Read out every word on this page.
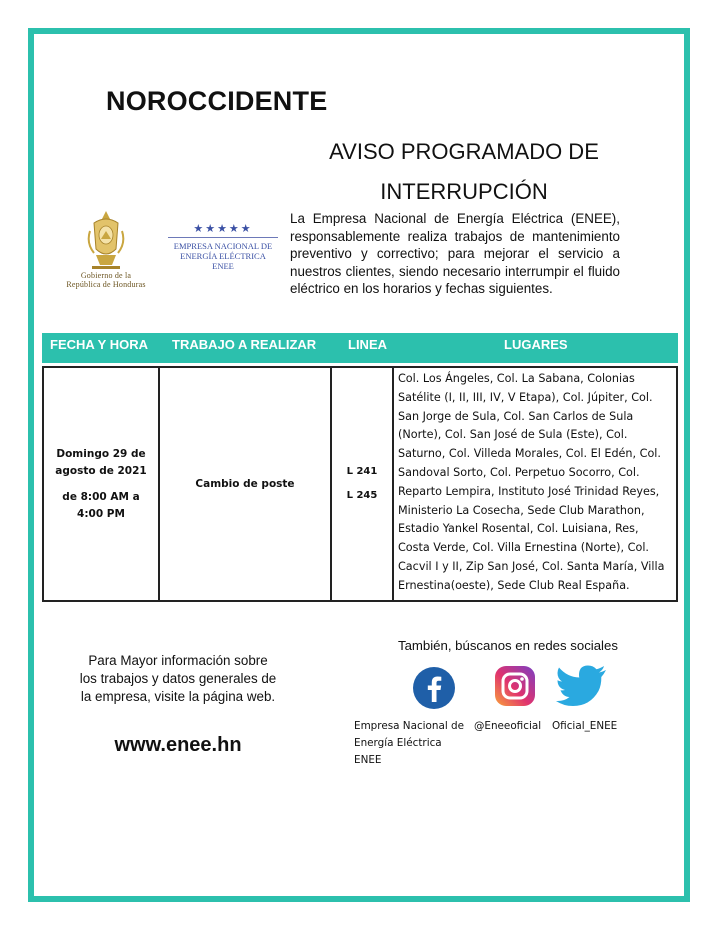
NOROCCIDENTE
AVISO PROGRAMADO DE
INTERRUPCIÓN
Gobierno de la
República de Honduras
★★★★★
EMPRESA NACIONAL DE
ENERGÍA ELÉCTRICA
ENEE
La Empresa Nacional de Energía Eléctrica (ENEE), responsablemente realiza trabajos de mantenimiento preventivo y correctivo; para mejorar el servicio a nuestros clientes, siendo necesario interrumpir el fluido eléctrico en los horarios y fechas siguientes.
FECHA Y HORA TRABAJO A REALIZAR LINEA	LUGARES
Domingo 29 de agosto de 2021
de 8:00 AM a 4:00 PM
Cambio de poste
L 241
L 245
Col. Los Ángeles, Col. La Sabana, Colonias Satélite (I, II, III, IV, V Etapa), Col. Júpiter, Col. San Jorge de Sula, Col. San Carlos de Sula (Norte), Col. San José de Sula (Este), Col. Saturno, Col. Villeda Morales, Col. El Edén, Col. Sandoval Sorto, Col. Perpetuo Socorro, Col. Reparto Lempira, Instituto José Trinidad Reyes, Ministerio La Cosecha, Sede Club Marathon, Estadio Yankel Rosental, Col. Luisiana, Res, Costa Verde, Col. Villa Ernestina (Norte), Col. Cacvil I y II, Zip San José, Col. Santa María, Villa Ernestina(oeste), Sede Club Real España.
Para Mayor información sobre los trabajos y datos generales de la empresa, visite la página web.
www.enee.hn
También, búscanos en redes sociales
Empresa Nacional de
Energía Eléctrica
ENEE
@Eneeoficial Oficial_ENEE
